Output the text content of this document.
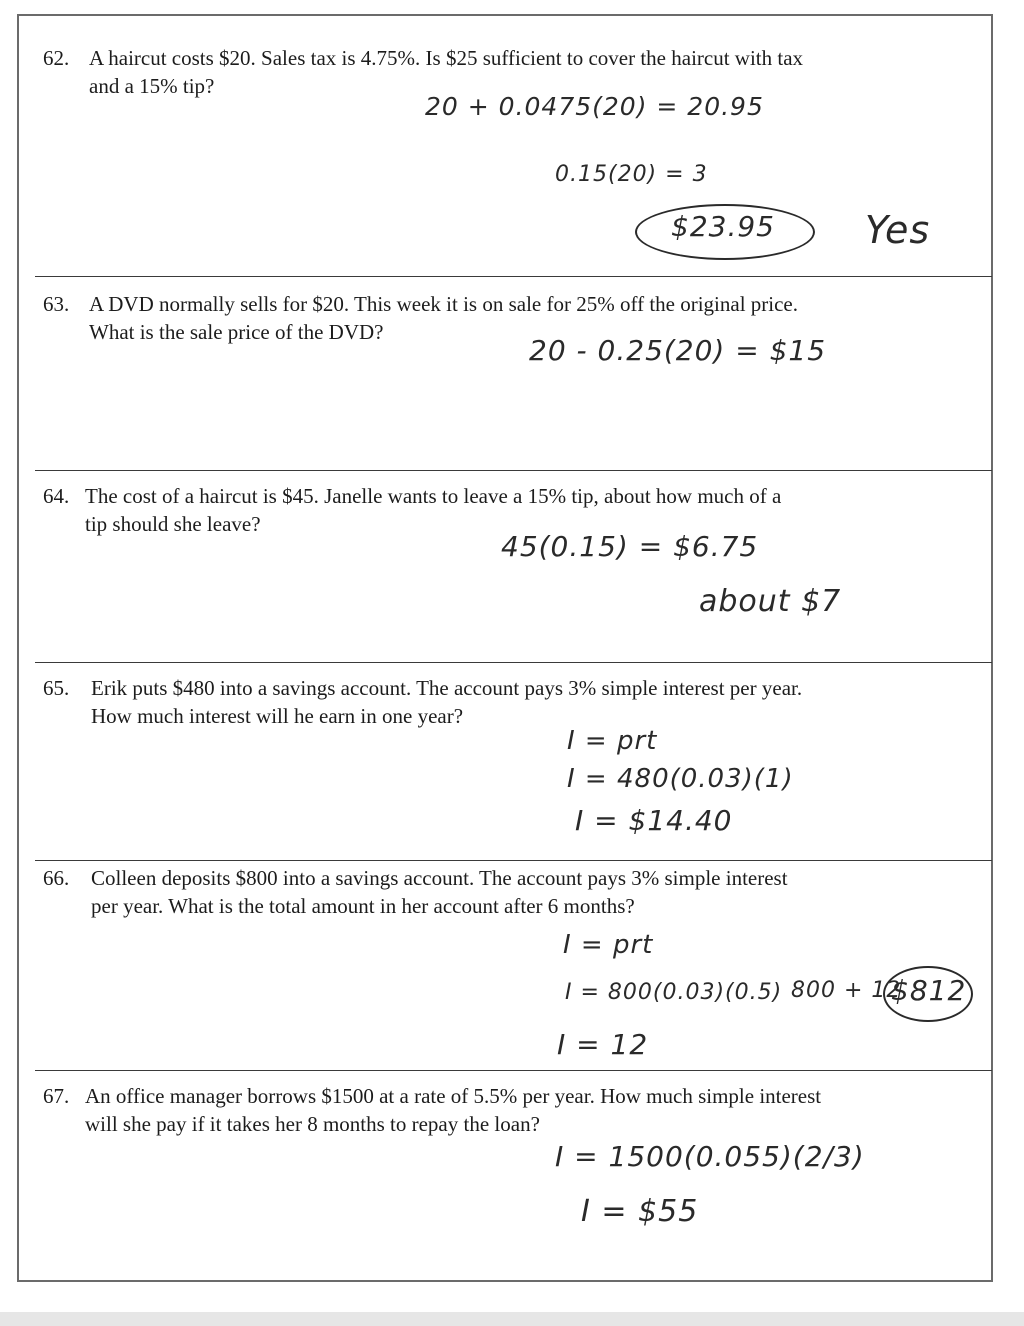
62. A haircut costs $20. Sales tax is 4.75%. Is $25 sufficient to cover the haircut with tax
and a 15% tip?
20 + 0.0475(20) = 20.95
0.15(20) = 3
$23.95 Yes
63. A DVD normally sells for $20. This week it is on sale for 25% off the original price.
What is the sale price of the DVD?
20 - 0.25(20) = $15
64. The cost of a haircut is $45. Janelle wants to leave a 15% tip, about how much of a
tip should she leave?
45(0.15) = $6.75
about $7
65. Erik puts $480 into a savings account. The account pays 3% simple interest per year.
How much interest will he earn in one year?
I = prt
I = 480(0.03)(1)
I = $14.40
66. Colleen deposits $800 into a savings account. The account pays 3% simple interest
per year. What is the total amount in her account after 6 months?
I = prt
I = 800(0.03)(0.5)
I = 12
800 + 12
$812
67. An office manager borrows $1500 at a rate of 5.5% per year. How much simple interest
will she pay if it takes her 8 months to repay the loan?
I = 1500(0.055)(2/3)
I = $55
